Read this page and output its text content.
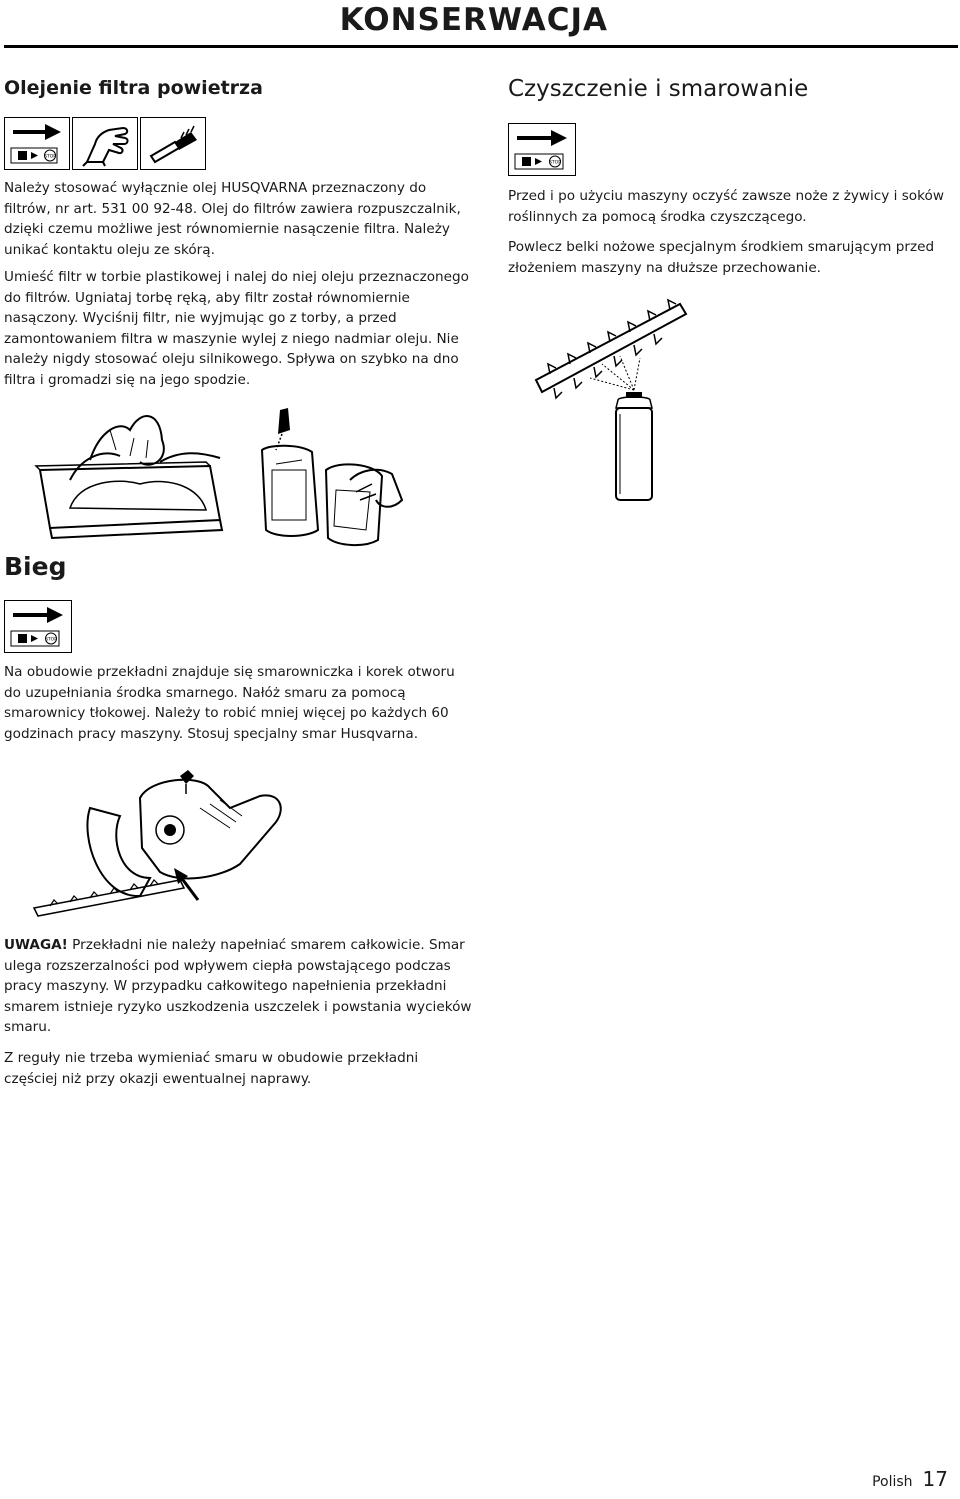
KONSERWACJA
Olejenie filtra powietrza
STOP

Należy stosować wyłącznie olej HUSQVARNA przeznaczony do filtrów, nr art. 531 00 92-48. Olej do filtrów zawiera rozpuszczalnik, dzięki czemu możliwe jest równomiernie nasączenie filtra. Należy unikać kontaktu oleju ze skórą.

Umieść filtr w torbie plastikowej i nalej do niej oleju przeznaczonego do filtrów. Ugniataj torbę ręką, aby filtr został równomiernie nasączony. Wyciśnij filtr, nie wyjmując go z torby, a przed zamontowaniem filtra w maszynie wylej z niego nadmiar oleju. Nie należy nigdy stosować oleju silnikowego. Spływa on szybko na dno filtra i gromadzi się na jego spodzie.

Bieg
STOP

Na obudowie przekładni znajduje się smarowniczka i korek otworu do uzupełniania środka smarnego. Nałóż smaru za pomocą smarownicy tłokowej. Należy to robić mniej więcej po każdych 60 godzinach pracy maszyny. Stosuj specjalny smar Husqvarna.

UWAGA! Przekładni nie należy napełniać smarem całkowicie. Smar ulega rozszerzalności pod wpływem ciepła powstającego podczas pracy maszyny. W przypadku całkowitego napełnienia przekładni smarem istnieje ryzyko uszkodzenia uszczelek i powstania wycieków smaru.

Z reguły nie trzeba wymieniać smaru w obudowie przekładni częściej niż przy okazji ewentualnej naprawy.

Czyszczenie i smarowanie
STOP

Przed i po użyciu maszyny oczyść zawsze noże z żywicy i soków roślinnych za pomocą środka czyszczącego.

Powlecz belki nożowe specjalnym środkiem smarującym przed złożeniem maszyny na dłuższe przechowanie.

Polish 17
